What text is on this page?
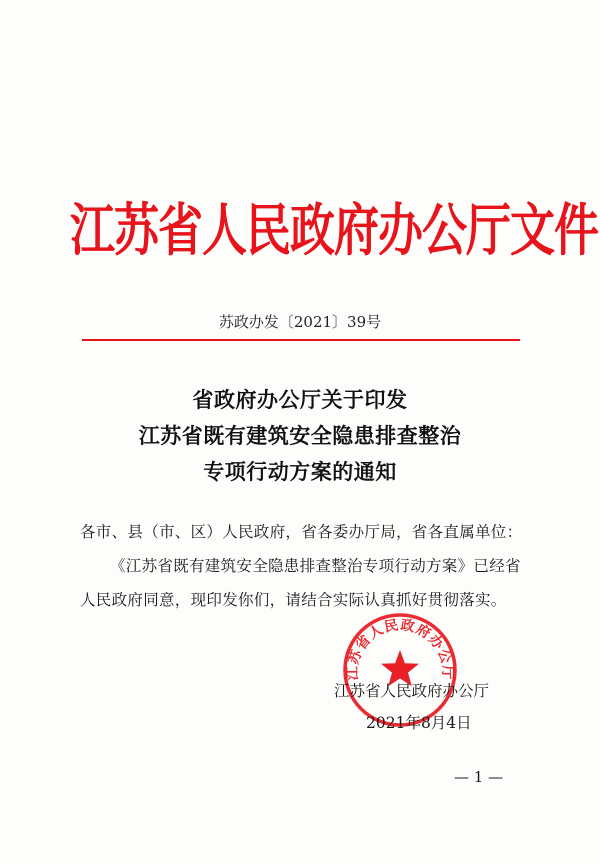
江苏省人民政府办公厅文件
苏政办发〔2021〕39号
省政府办公厅关于印发
江苏省既有建筑安全隐患排查整治
专项行动方案的通知
各市、县（市、区）人民政府，省各委办厅局，省各直属单位：
《江苏省既有建筑安全隐患排查整治专项行动方案》已经省
人民政府同意，现印发你们，请结合实际认真抓好贯彻落实。
江苏省人民政府办公厅
江苏省人民政府办公厅
2021年8月4日
— 1 —
